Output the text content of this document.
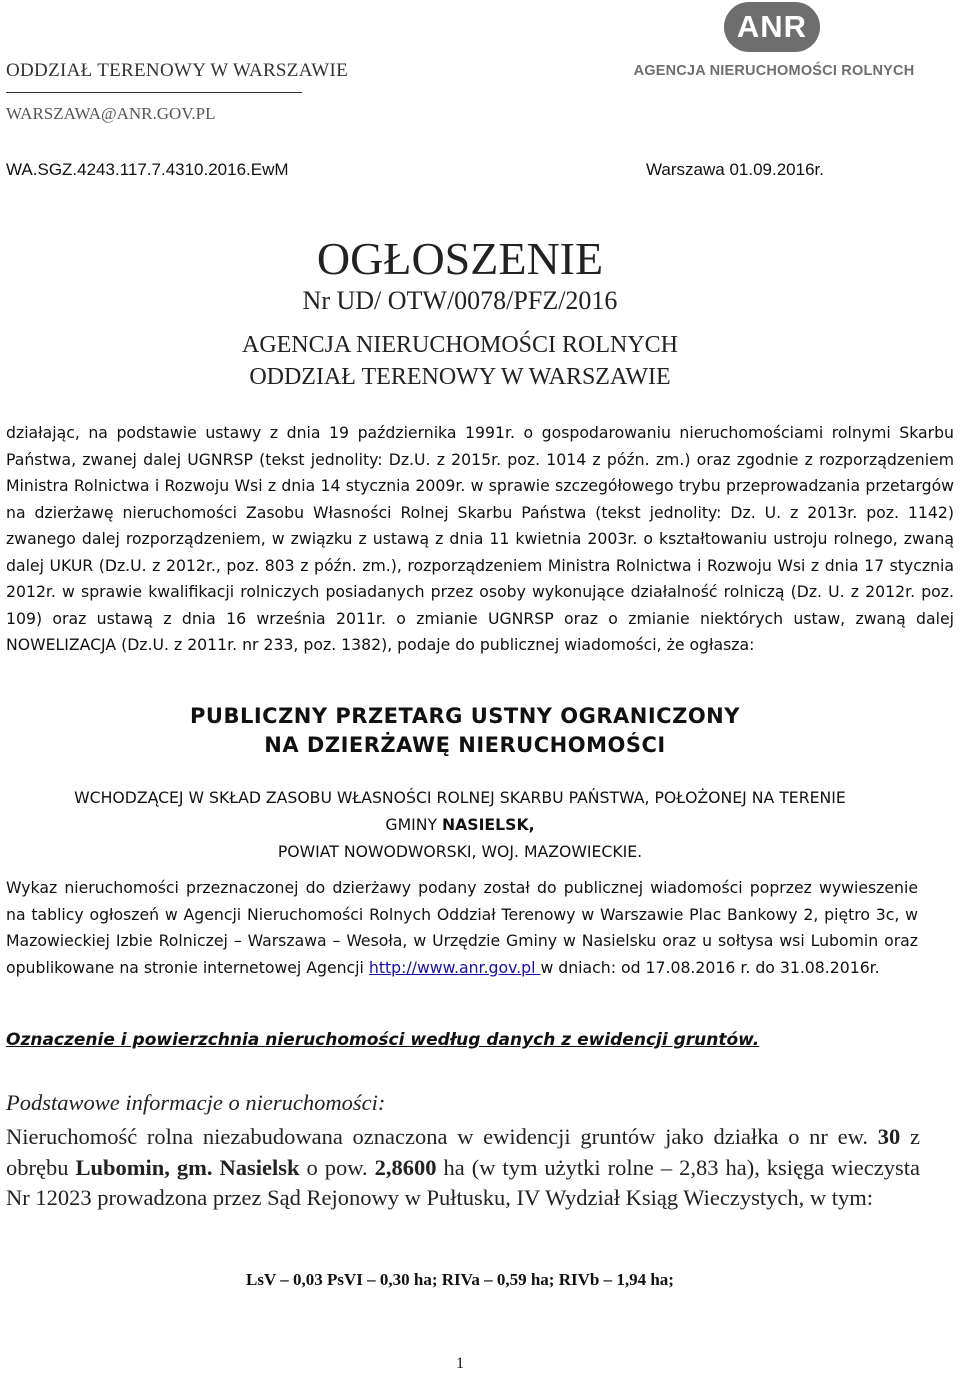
ODDZIAŁ TERENOWY W WARSZAWIE
WARSZAWA@ANR.GOV.PL
ANR
AGENCJA NIERUCHOMOŚCI ROLNYCH
WA.SGZ.4243.117.7.4310.2016.EwM	Warszawa 01.09.2016r.
OGŁOSZENIE
Nr UD/ OTW/0078/PFZ/2016
AGENCJA NIERUCHOMOŚCI ROLNYCH
ODDZIAŁ TERENOWY W WARSZAWIE
działając, na podstawie ustawy z dnia 19 października 1991r. o gospodarowaniu nieruchomościami rolnymi Skarbu Państwa, zwanej dalej UGNRSP (tekst jednolity: Dz.U. z 2015r. poz. 1014 z późn. zm.) oraz zgodnie z rozporządzeniem Ministra Rolnictwa i Rozwoju Wsi z dnia 14 stycznia 2009r. w sprawie szczegółowego trybu przeprowadzania przetargów na dzierżawę nieruchomości Zasobu Własności Rolnej Skarbu Państwa (tekst jednolity: Dz. U. z 2013r. poz. 1142) zwanego dalej rozporządzeniem, w związku z ustawą z dnia 11 kwietnia 2003r. o kształtowaniu ustroju rolnego, zwaną dalej UKUR (Dz.U. z 2012r., poz. 803 z późn. zm.), rozporządzeniem Ministra Rolnictwa i Rozwoju Wsi z dnia 17 stycznia 2012r. w sprawie kwalifikacji rolniczych posiadanych przez osoby wykonujące działalność rolniczą (Dz. U. z 2012r. poz. 109) oraz ustawą z dnia 16 września 2011r. o zmianie UGNRSP oraz o zmianie niektórych ustaw, zwaną dalej NOWELIZACJA (Dz.U. z 2011r. nr 233, poz. 1382), podaje do publicznej wiadomości, że ogłasza:
PUBLICZNY PRZETARG USTNY OGRANICZONY
NA DZIERŻAWĘ NIERUCHOMOŚCI
WCHODZĄCEJ W SKŁAD ZASOBU WŁASNOŚCI ROLNEJ SKARBU PAŃSTWA, POŁOŻONEJ NA TERENIE
GMINY NASIELSK,
POWIAT NOWODWORSKI, WOJ. MAZOWIECKIE.
Wykaz nieruchomości przeznaczonej do dzierżawy podany został do publicznej wiadomości poprzez wywieszenie na tablicy ogłoszeń w Agencji Nieruchomości Rolnych Oddział Terenowy w Warszawie Plac Bankowy 2, piętro 3c, w Mazowieckiej Izbie Rolniczej – Warszawa – Wesoła, w Urzędzie Gminy w Nasielsku oraz u sołtysa wsi Lubomin oraz opublikowane na stronie internetowej Agencji http://www.anr.gov.pl w dniach: od 17.08.2016 r. do 31.08.2016r.
Oznaczenie i powierzchnia nieruchomości według danych z ewidencji gruntów.
Podstawowe informacje o nieruchomości:
Nieruchomość rolna niezabudowana oznaczona w ewidencji gruntów jako działka o nr ew. 30 z obrębu Lubomin, gm. Nasielsk o pow. 2,8600 ha (w tym użytki rolne – 2,83 ha), księga wieczysta Nr 12023 prowadzona przez Sąd Rejonowy w Pułtusku, IV Wydział Ksiąg Wieczystych, w tym:
LsV – 0,03 PsVI – 0,30 ha; RIVa – 0,59 ha; RIVb – 1,94 ha;
1
